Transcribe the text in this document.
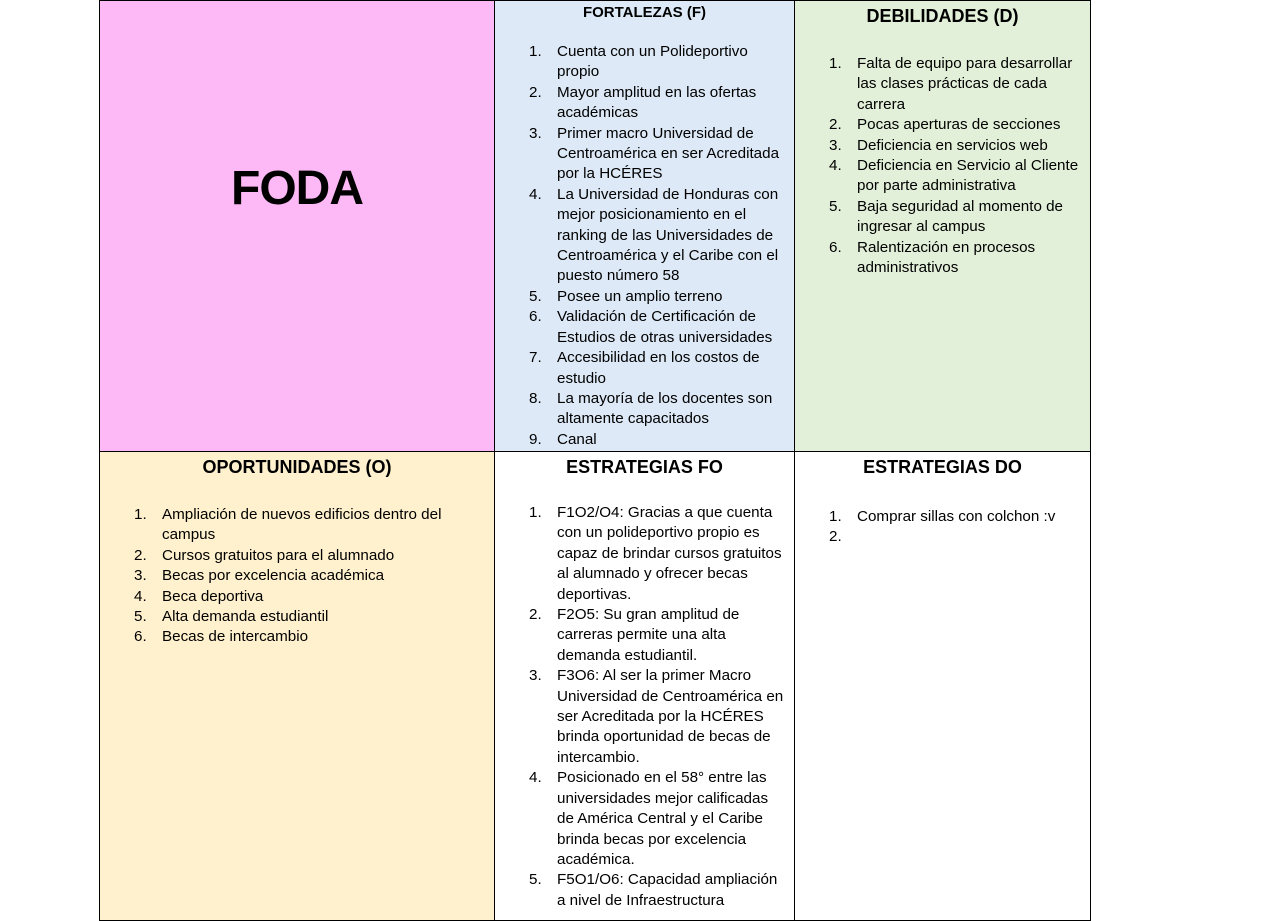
FODA
FORTALEZAS (F)
1. Cuenta con un Polideportivo propio
2. Mayor amplitud en las ofertas académicas
3. Primer macro Universidad de Centroamérica en ser Acreditada por la HCÉRES
4. La Universidad de Honduras con mejor posicionamiento en el ranking de las Universidades de Centroamérica y el Caribe con el puesto número 58
5. Posee un amplio terreno
6. Validación de Certificación de Estudios de otras universidades
7. Accesibilidad en los costos de estudio
8. La mayoría de los docentes son altamente capacitados
9. Canal
DEBILIDADES (D)
1. Falta de equipo para desarrollar las clases prácticas de cada carrera
2. Pocas aperturas de secciones
3. Deficiencia en servicios web
4. Deficiencia en Servicio al Cliente por parte administrativa
5. Baja seguridad al momento de ingresar al campus
6. Ralentización en procesos administrativos
OPORTUNIDADES (O)
1. Ampliación de nuevos edificios dentro del campus
2. Cursos gratuitos para el alumnado
3. Becas por excelencia académica
4. Beca deportiva
5. Alta demanda estudiantil
6. Becas de intercambio
ESTRATEGIAS FO
1. F1O2/O4: Gracias a que cuenta con un polideportivo propio es capaz de brindar cursos gratuitos al alumnado y ofrecer becas deportivas.
2. F2O5: Su gran amplitud de carreras permite una alta demanda estudiantil.
3. F3O6: Al ser la primer Macro Universidad de Centroamérica en ser Acreditada por la HCÉRES brinda oportunidad de becas de intercambio.
4. Posicionado en el 58° entre las universidades mejor calificadas de América Central y el Caribe brinda becas por excelencia académica.
5. F5O1/O6: Capacidad ampliación a nivel de Infraestructura
ESTRATEGIAS DO
1. Comprar sillas con colchon :v
2.
